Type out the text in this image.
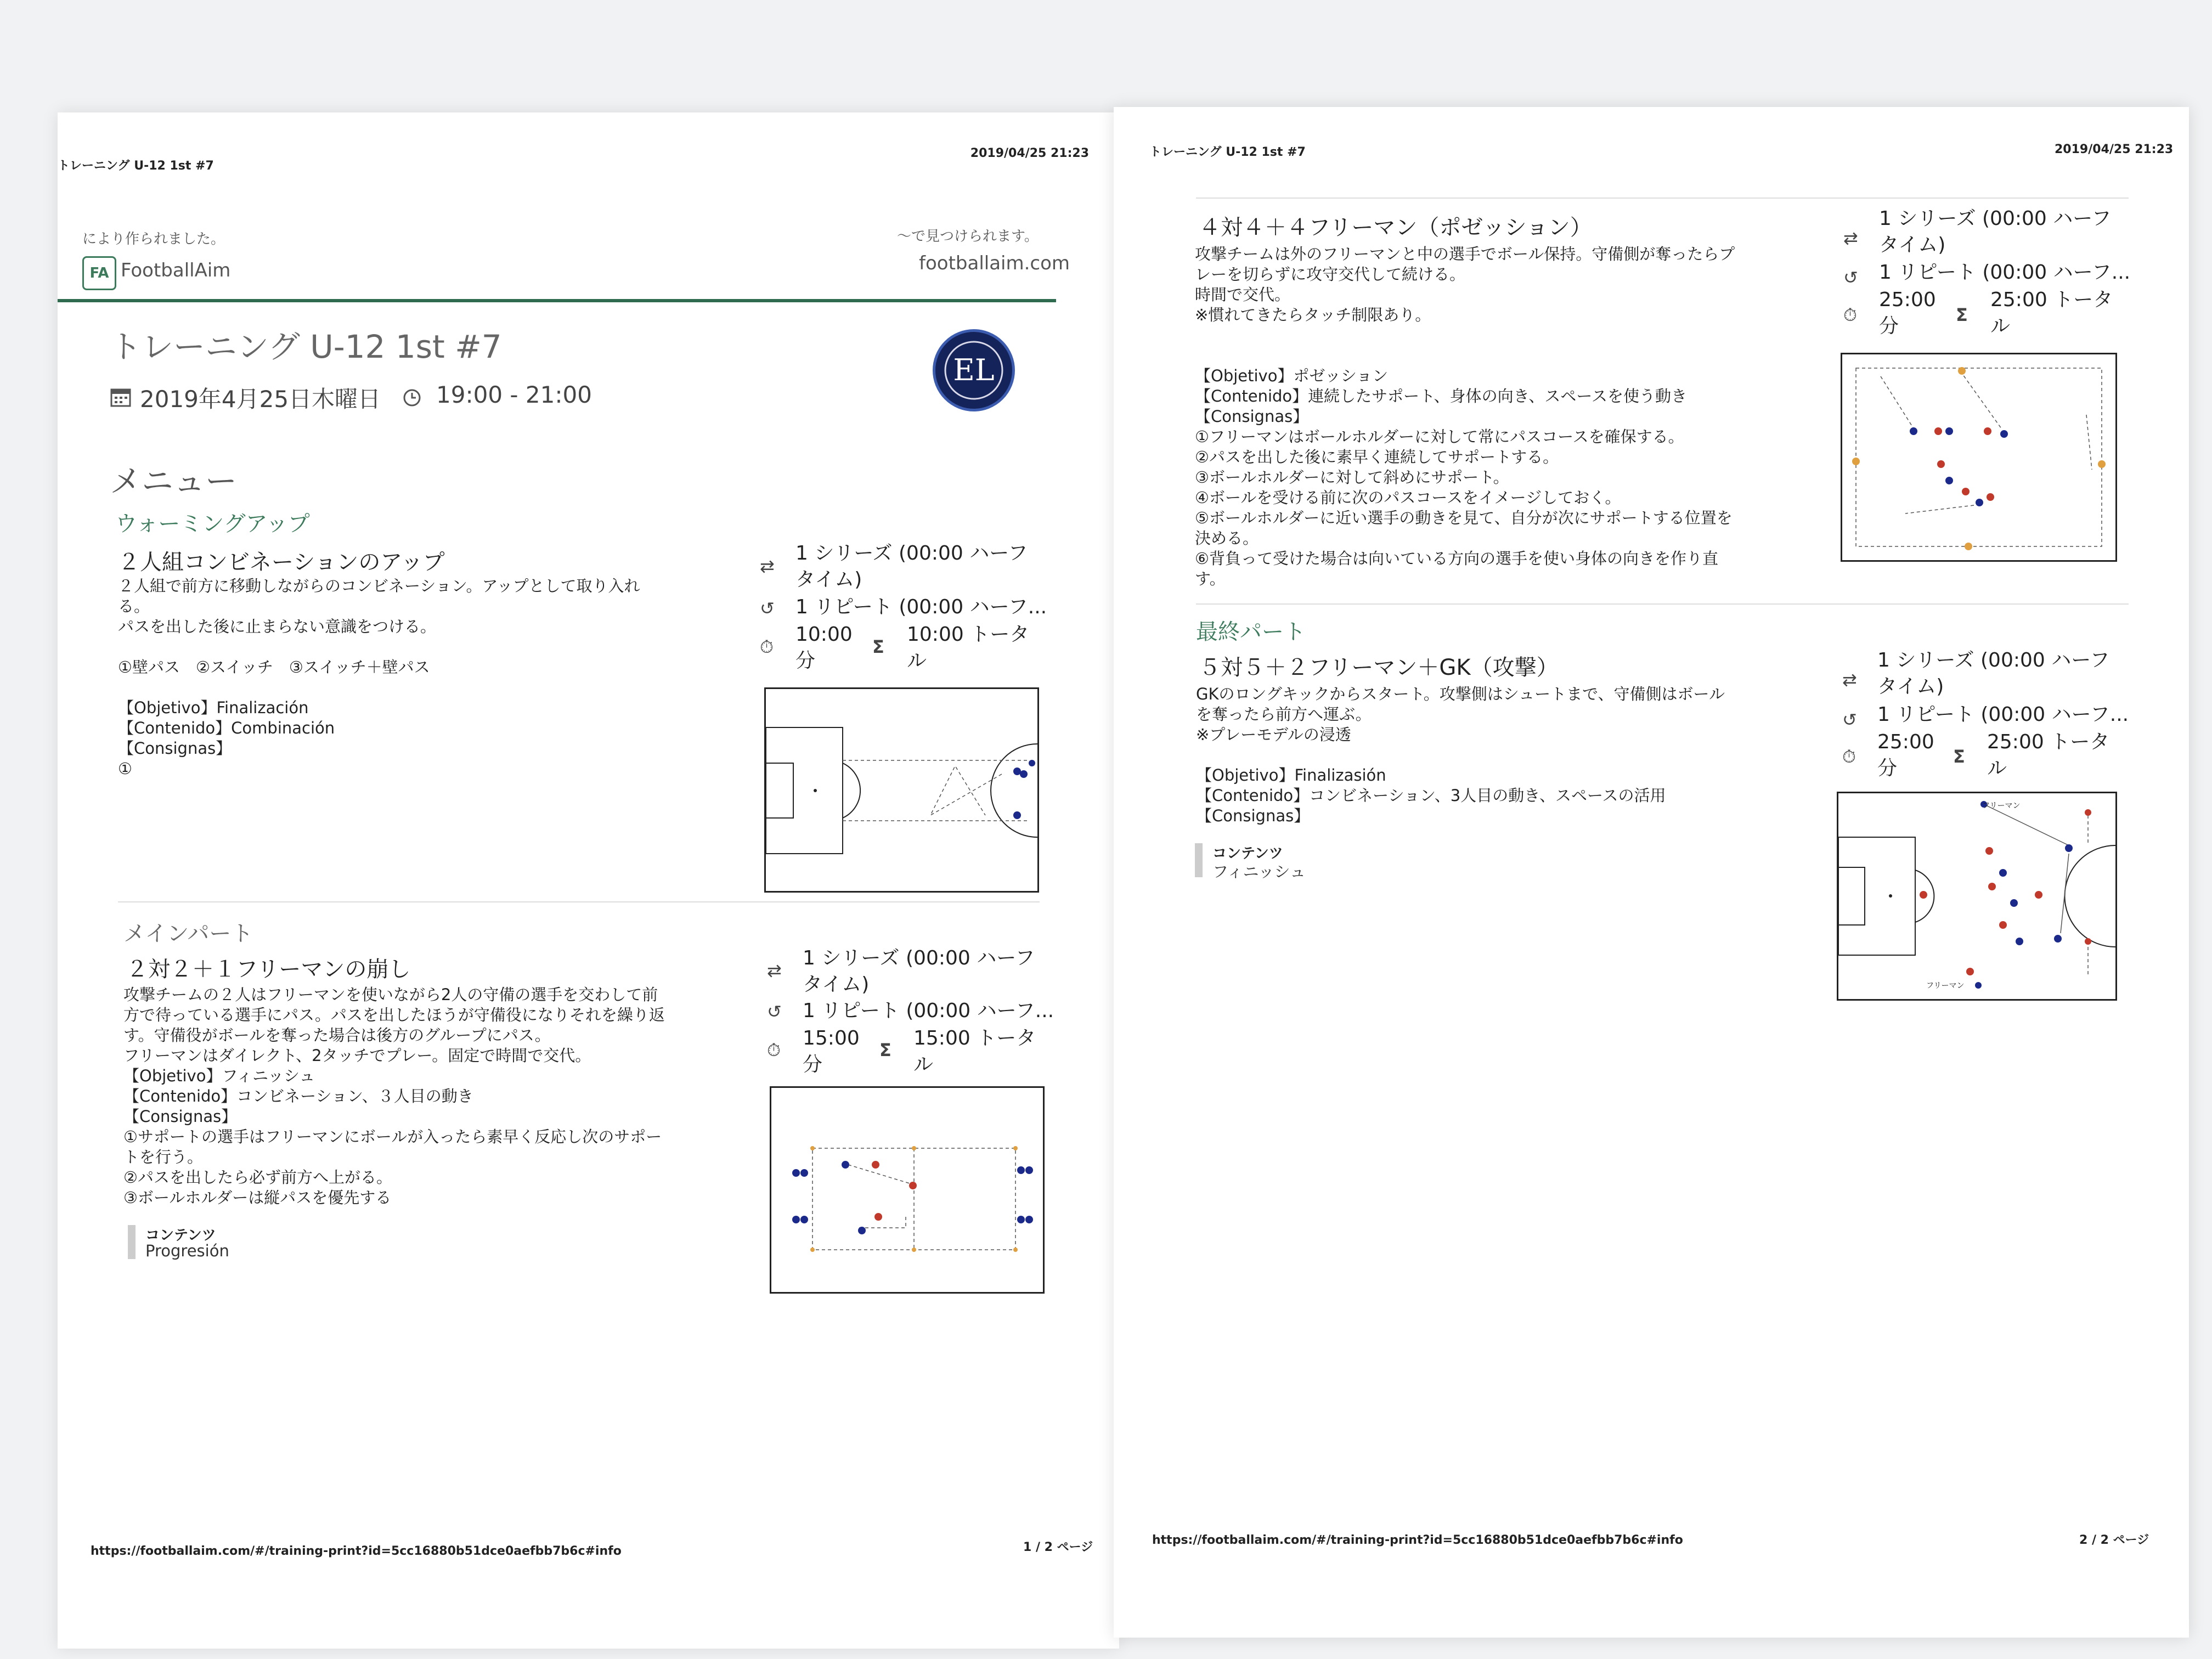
トレーニング U-12 1st #7
2019/04/25 21:23
により作られました。
FA FootballAim
～で見つけられます。
footballaim.com
トレーニング U-12 1st #7
EL
2019年4月25日木曜日 19:00 - 21:00
メニュー
ウォーミングアップ
２人組コンビネーションのアップ
２人組で前方に移動しながらのコンビネーション。アップとして取り入れ
る。
パスを出した後に止まらない意識をつける。

①壁パス　②スイッチ　③スイッチ＋壁パス

【Objetivo】Finalización
【Contenido】Combinación
【Consignas】
①
⇄
1 シリーズ (00:00 ハーフ
タイム)
↺ 1 リピート (00:00 ハーフ...
⏱
10:00
分
Σ
10:00 トータ
ル
メインパート
２対２＋１フリーマンの崩し
攻撃チームの２人はフリーマンを使いながら2人の守備の選手を交わして前
方で待っている選手にパス。パスを出したほうが守備役になりそれを繰り返
す。守備役がボールを奪った場合は後方のグループにパス。
フリーマンはダイレクト、2タッチでプレー。固定で時間で交代。
【Objetivo】フィニッシュ
【Contenido】コンビネーション、３人目の動き
【Consignas】
①サポートの選手はフリーマンにボールが入ったら素早く反応し次のサポー
トを行う。
②パスを出したら必ず前方へ上がる。
③ボールホルダーは縦パスを優先する
コンテンツ
Progresión
⇄
1 シリーズ (00:00 ハーフ
タイム)
↺ 1 リピート (00:00 ハーフ...
⏱
15:00
分
Σ
15:00 トータ
ル
https://footballaim.com/#/training-print?id=5cc16880b51dce0aefbb7b6c#info	1 / 2 ページ
トレーニング U-12 1st #7	2019/04/25 21:23
４対４＋４フリーマン（ポゼッション）
攻撃チームは外のフリーマンと中の選手でボール保持。守備側が奪ったらプ
レーを切らずに攻守交代して続ける。
時間で交代。
※慣れてきたらタッチ制限あり。

【Objetivo】ポゼッション
【Contenido】連続したサポート、身体の向き、スペースを使う動き
【Consignas】
①フリーマンはボールホルダーに対して常にパスコースを確保する。
②パスを出した後に素早く連続してサポートする。
③ボールホルダーに対して斜めにサポート。
④ボールを受ける前に次のパスコースをイメージしておく。
⑤ボールホルダーに近い選手の動きを見て、自分が次にサポートする位置を
決める。
⑥背負って受けた場合は向いている方向の選手を使い身体の向きを作り直
す。
⇄
1 シリーズ (00:00 ハーフ
タイム)
↺ 1 リピート (00:00 ハーフ...
⏱
25:00
分	Σ
25:00 トータ
ル
最終パート
５対５＋２フリーマン＋GK（攻撃）
GKのロングキックからスタート。攻撃側はシュートまで、守備側はボール
を奪ったら前方へ運ぶ。
※プレーモデルの浸透

【Objetivo】Finalizasión
【Contenido】コンビネーション、3人目の動き、スペースの活用
【Consignas】
コンテンツ
フィニッシュ
⇄
1 シリーズ (00:00 ハーフ
タイム)
↺ 1 リピート (00:00 ハーフ...
⏱
25:00
分
Σ
25:00 トータ
ル
フリーマン
フリーマン
https://footballaim.com/#/training-print?id=5cc16880b51dce0aefbb7b6c#info	2 / 2 ページ
